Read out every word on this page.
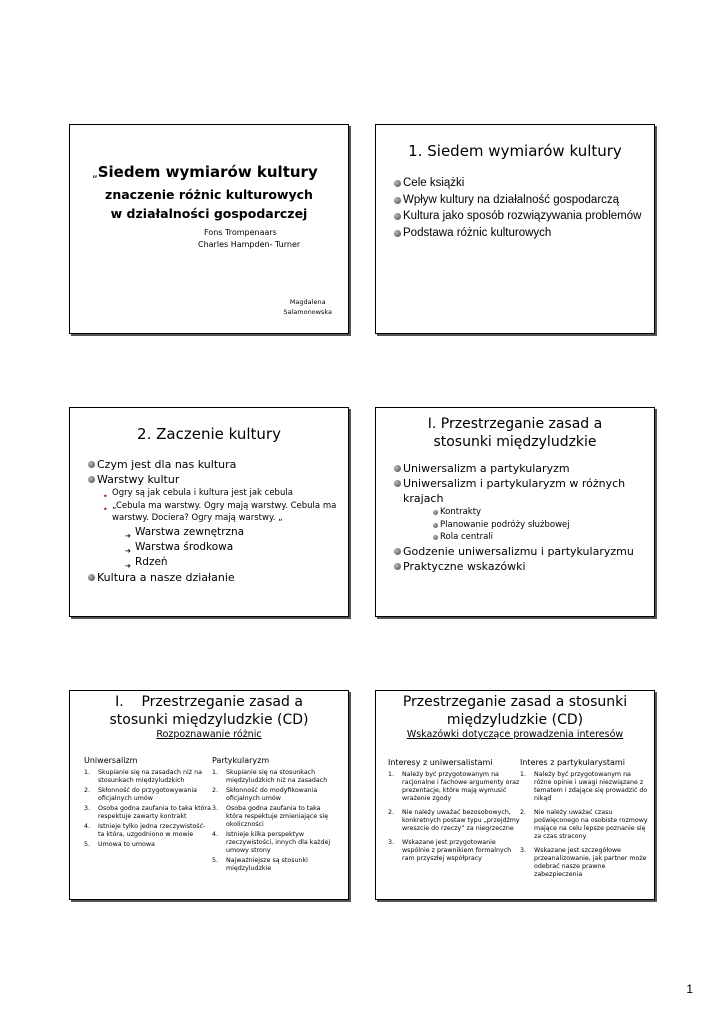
„Siedem wymiarów kultury
znaczenie różnic kulturowych
w działalności gospodarczej
Fons Trompenaars
Charles Hampden- Turner
Magdalena
Salamonowska
1. Siedem wymiarów kultury
Cele książki
Wpływ kultury na działalność gospodarczą
Kultura jako sposób rozwiązywania problemów
Podstawa różnic kulturowych
2. Zaczenie kultury
Czym jest dla nas kultura
Warstwy kultur
• Ogry są jak cebula i kultura jest jak cebula
• „Cebula ma warstwy. Ogry mają warstwy. Cebula ma warstwy. Dociera? Ogry mają warstwy. „
➔ Warstwa zewnętrzna
➔ Warstwa środkowa
➔ Rdzeń
Kultura a nasze działanie
I. Przestrzeganie zasad a
stosunki międzyludzkie
Uniwersalizm a partykularyzm
Uniwersalizm i partykularyzm w różnych krajach
Kontrakty
Planowanie podróży służbowej
Rola centrali
Godzenie uniwersalizmu i partykularyzmu
Praktyczne wskazówki
I.    Przestrzeganie zasad a
stosunki międzyludzkie (CD)
Rozpoznawanie różnic
Uniwersalizm
1. Skupianie się na zasadach niż na stosunkach międzyludzkich
2. Skłonność do przygotowywania oficjalnych umów
3. Osoba godna zaufania to taka która respektuje zawarty kontrakt
4. Istnieje tylko jedna rzeczywistość- ta która, uzgodniono w mowie
5. Umowa to umowa
Partykularyzm
1. Skupianie się na stosunkach międzyludzkich niż na zasadach
2. Skłonność do modyfikowania oficjalnych umów
3. Osoba godna zaufania to taka która respektuje zmieniające się okoliczności
4. Istnieje kilka perspektyw rzeczywistości, innych dla każdej umowy strony
5. Najważniejsze są stosunki międzyludzkie
Przestrzeganie zasad a stosunki
międzyludzkie (CD)
Wskazówki dotyczące prowadzenia interesów
Interesy z uniwersalistami
1. Należy być przygotowanym na racjonalne i fachowe argumenty oraz prezentacje, które mają wymusić wrażenie zgody
2. Nie należy uważać bezosobowych, konkretnych postaw typu „przejdźmy wreszcie do rzeczy” za niegrzeczne
3. Wskazane jest przygotowanie wspólnie z prawnikiem formalnych ram przyszłej współpracy
Interes z partykularystami
1. Należy być przygotowanym na różne opinie i uwagi niezwiązane z tematem i zdające się prowadzić do nikąd
2. Nie należy uważać czasu poświęconego na osobiste rozmowy mające na celu lepsze poznanie się za czas stracony
3. Wskazane jest szczegółowe przeanalizowanie, jak partner może odebrać nasze prawne zabezpieczenia
1
